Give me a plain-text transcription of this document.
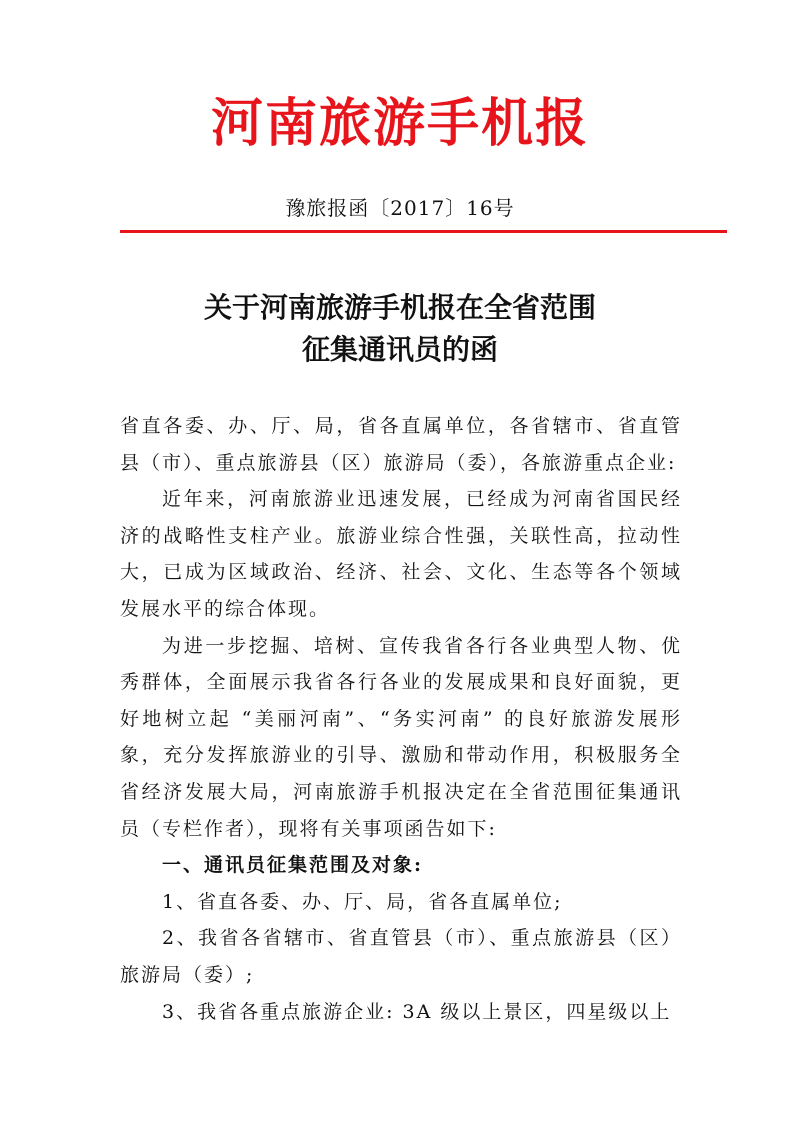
河南旅游手机报
豫旅报函〔2017〕16号
关于河南旅游手机报在全省范围
征集通讯员的函

省直各委、办、厅、局，省各直属单位，各省辖市、省直管县（市）、重点旅游县（区）旅游局（委），各旅游重点企业:

近年来，河南旅游业迅速发展，已经成为河南省国民经济的战略性支柱产业。旅游业综合性强，关联性高，拉动性大，已成为区域政治、经济、社会、文化、生态等各个领域发展水平的综合体现。

为进一步挖掘、培树、宣传我省各行各业典型人物、优秀群体，全面展示我省各行各业的发展成果和良好面貌，更好地树立起 “美丽河南”、“务实河南” 的良好旅游发展形象，充分发挥旅游业的引导、激励和带动作用，积极服务全省经济发展大局，河南旅游手机报决定在全省范围征集通讯员（专栏作者），现将有关事项函告如下:

一、通讯员征集范围及对象:

1、省直各委、办、厅、局，省各直属单位;

2、我省各省辖市、省直管县（市）、重点旅游县（区）旅游局（委）;

3、我省各重点旅游企业: 3A 级以上景区，四星级以上
